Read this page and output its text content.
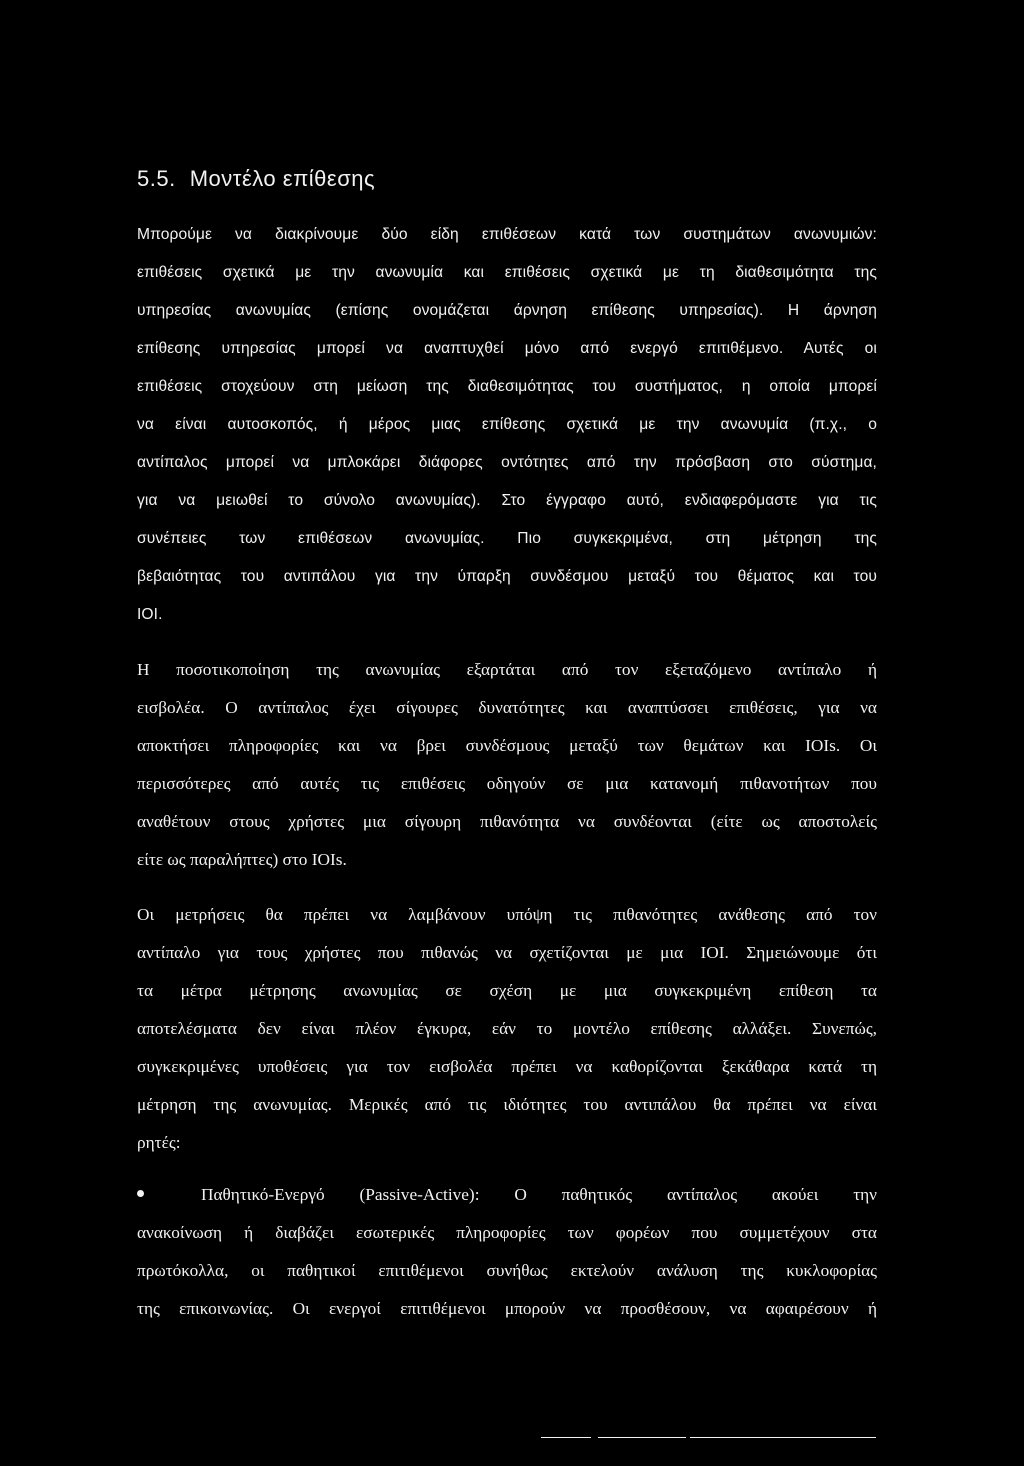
5.5. Μοντέλο επίθεσης
Μπορούμε να διακρίνουμε δύο είδη επιθέσεων κατά των συστημάτων ανωνυμιών:
επιθέσεις σχετικά με την ανωνυμία και επιθέσεις σχετικά με τη διαθεσιμότητα της
υπηρεσίας ανωνυμίας (επίσης ονομάζεται άρνηση επίθεσης υπηρεσίας). Η άρνηση
επίθεσης υπηρεσίας μπορεί να αναπτυχθεί μόνο από ενεργό επιτιθέμενο. Αυτές οι
επιθέσεις στοχεύουν στη μείωση της διαθεσιμότητας του συστήματος, η οποία μπορεί
να είναι αυτοσκοπός, ή μέρος μιας επίθεσης σχετικά με την ανωνυμία (π.χ., ο
αντίπαλος μπορεί να μπλοκάρει διάφορες οντότητες από την πρόσβαση στο σύστημα,
για να μειωθεί το σύνολο ανωνυμίας). Στο έγγραφο αυτό, ενδιαφερόμαστε για τις
συνέπειες των επιθέσεων ανωνυμίας. Πιο συγκεκριμένα, στη μέτρηση της
βεβαιότητας του αντιπάλου για την ύπαρξη συνδέσμου μεταξύ του θέματος και του
IOI.
Η ποσοτικοποίηση της ανωνυμίας εξαρτάται από τον εξεταζόμενο αντίπαλο ή
εισβολέα. Ο αντίπαλος έχει σίγουρες δυνατότητες και αναπτύσσει επιθέσεις, για να
αποκτήσει πληροφορίες και να βρει συνδέσμους μεταξύ των θεμάτων και IOIs. Οι
περισσότερες από αυτές τις επιθέσεις οδηγούν σε μια κατανομή πιθανοτήτων που
αναθέτουν στους χρήστες μια σίγουρη πιθανότητα να συνδέονται (είτε ως αποστολείς
είτε ως παραλήπτες) στο IOIs.
Οι μετρήσεις θα πρέπει να λαμβάνουν υπόψη τις πιθανότητες ανάθεσης από τον
αντίπαλο για τους χρήστες που πιθανώς να σχετίζονται με μια IOI. Σημειώνουμε ότι
τα μέτρα μέτρησης ανωνυμίας σε σχέση με μια συγκεκριμένη επίθεση τα
αποτελέσματα δεν είναι πλέον έγκυρα, εάν το μοντέλο επίθεσης αλλάξει. Συνεπώς,
συγκεκριμένες υποθέσεις για τον εισβολέα πρέπει να καθορίζονται ξεκάθαρα κατά τη
μέτρηση της ανωνυμίας. Μερικές από τις ιδιότητες του αντιπάλου θα πρέπει να είναι
ρητές:
Παθητικό-Ενεργό (Passive-Active): Ο παθητικός αντίπαλος ακούει την
ανακοίνωση ή διαβάζει εσωτερικές πληροφορίες των φορέων που συμμετέχουν στα
πρωτόκολλα, οι παθητικοί επιτιθέμενοι συνήθως εκτελούν ανάλυση της κυκλοφορίας
της επικοινωνίας. Οι ενεργοί επιτιθέμενοι μπορούν να προσθέσουν, να αφαιρέσουν ή
